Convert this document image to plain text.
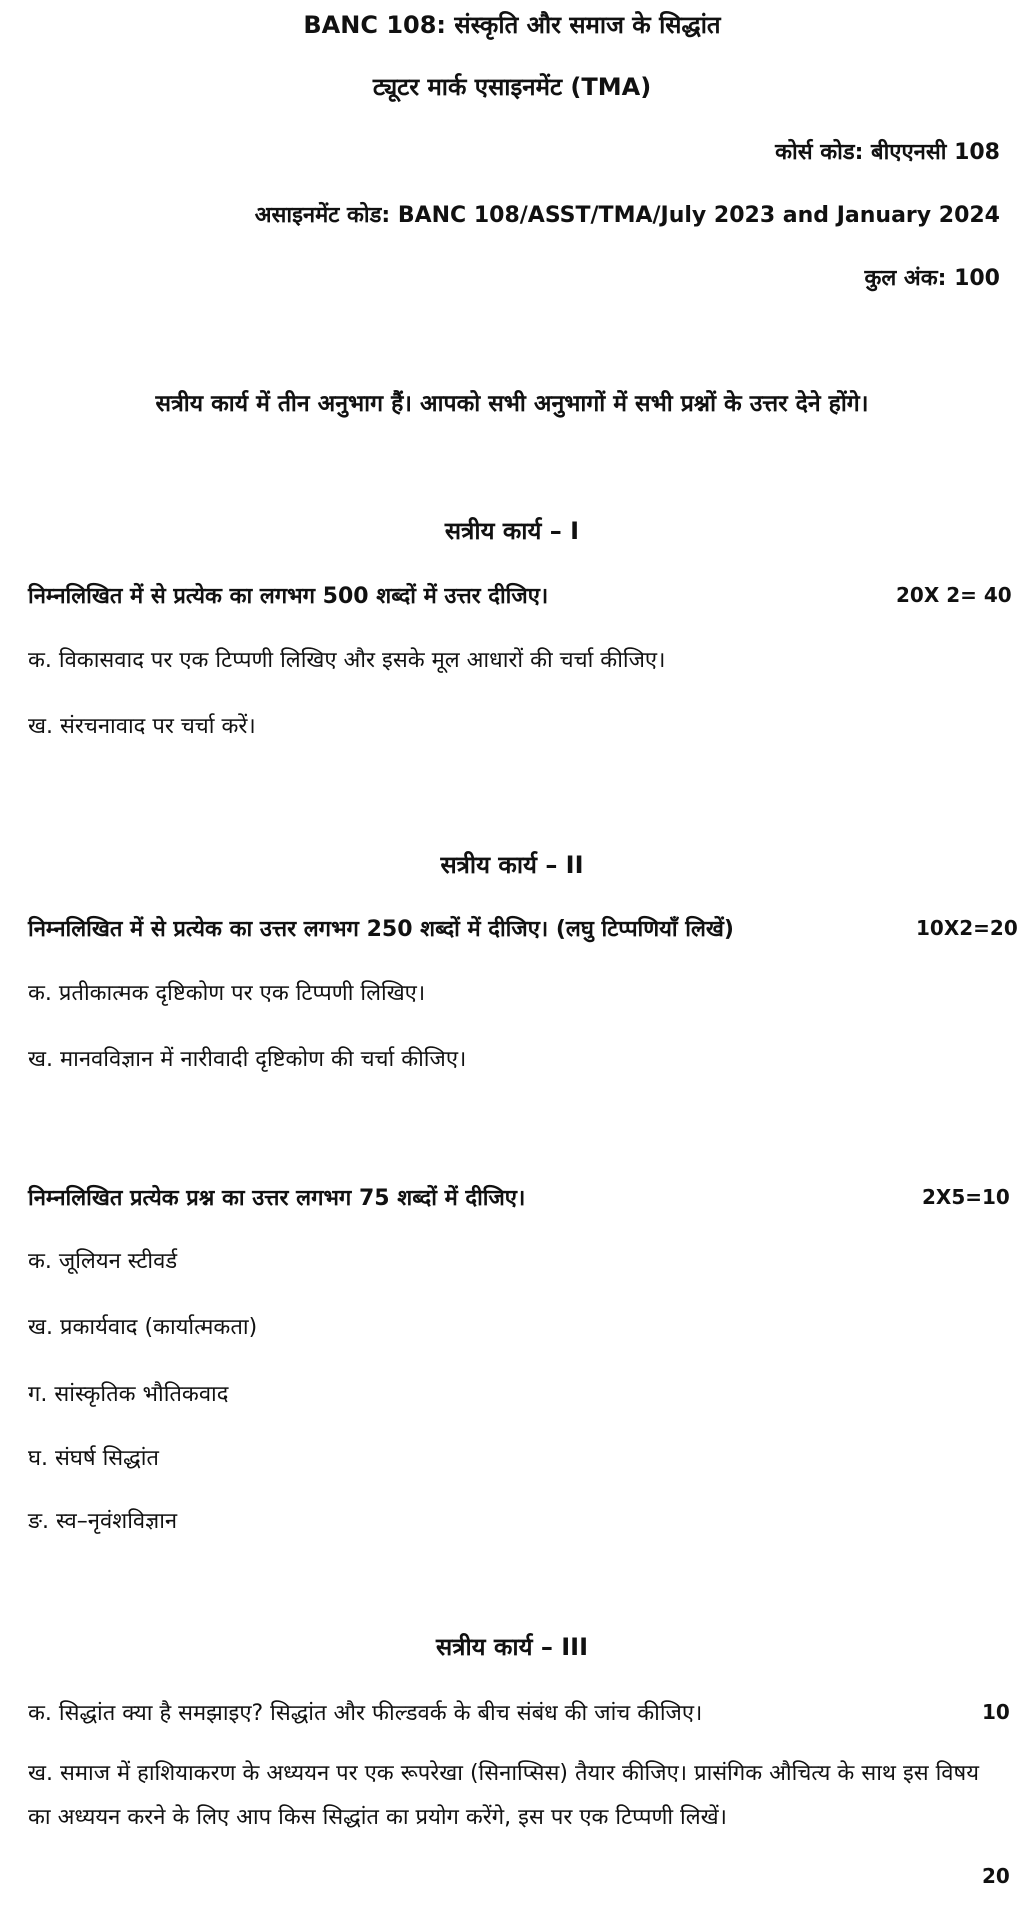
BANC 108: संस्कृति और समाज के सिद्धांत
ट्यूटर मार्क एसाइनमेंट (TMA)
कोर्स कोड: बीएएनसी 108
असाइनमेंट कोड: BANC 108/ASST/TMA/July 2023 and January 2024
कुल अंक: 100
सत्रीय कार्य में तीन अनुभाग हैं। आपको सभी अनुभागों में सभी प्रश्नों के उत्तर देने होंगे।
सत्रीय कार्य – I
निम्नलिखित में से प्रत्येक का लगभग 500 शब्दों में उत्तर दीजिए।	20X 2= 40
क. विकासवाद पर एक टिप्पणी लिखिए और इसके मूल आधारों की चर्चा कीजिए।
ख. संरचनावाद पर चर्चा करें।
सत्रीय कार्य – II
निम्नलिखित में से प्रत्येक का उत्तर लगभग 250 शब्दों में दीजिए। (लघु टिप्पणियाँ लिखें)	10X2=20
क. प्रतीकात्मक दृष्टिकोण पर एक टिप्पणी लिखिए।
ख. मानवविज्ञान में नारीवादी दृष्टिकोण की चर्चा कीजिए।
निम्नलिखित प्रत्येक प्रश्न का उत्तर लगभग 75 शब्दों में दीजिए।	2X5=10
क. जूलियन स्टीवर्ड
ख. प्रकार्यवाद (कार्यात्मकता)
ग. सांस्कृतिक भौतिकवाद
घ. संघर्ष सिद्धांत
ङ. स्व–नृवंशविज्ञान
सत्रीय कार्य – III
क. सिद्धांत क्या है समझाइए? सिद्धांत और फील्डवर्क के बीच संबंध की जांच कीजिए।	10
ख. समाज में हाशियाकरण के अध्ययन पर एक रूपरेखा (सिनाप्सिस) तैयार कीजिए। प्रासंगिक औचित्य के साथ इस विषय का अध्ययन करने के लिए आप किस सिद्धांत का प्रयोग करेंगे, इस पर एक टिप्पणी लिखें।
20
